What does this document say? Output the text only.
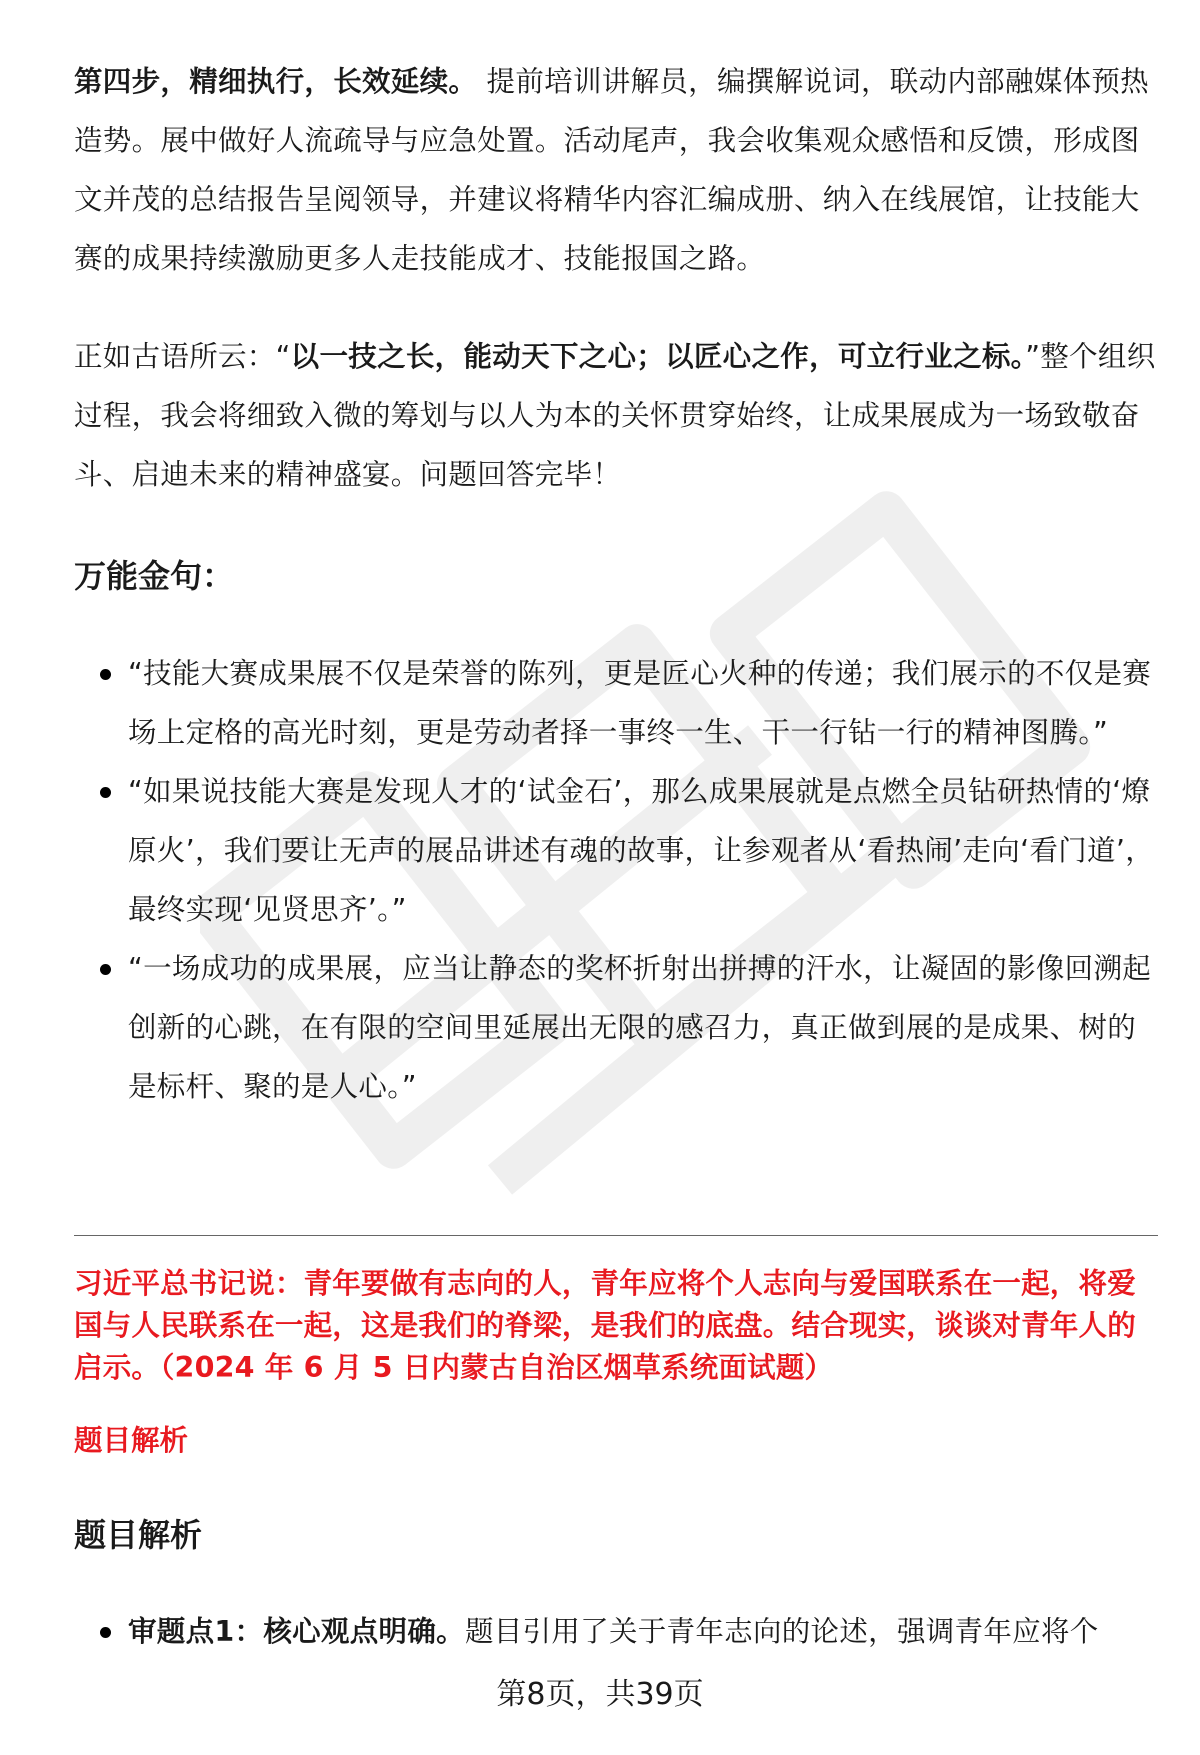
第四步，精细执行，长效延续。 提前培训讲解员，编撰解说词，联动内部融媒体预热造势。展中做好人流疏导与应急处置。活动尾声，我会收集观众感悟和反馈，形成图文并茂的总结报告呈阅领导，并建议将精华内容汇编成册、纳入在线展馆，让技能大赛的成果持续激励更多人走技能成才、技能报国之路。

正如古语所云：“以一技之长，能动天下之心；以匠心之作，可立行业之标。”整个组织过程，我会将细致入微的筹划与以人为本的关怀贯穿始终，让成果展成为一场致敬奋斗、启迪未来的精神盛宴。问题回答完毕！

万能金句：
“技能大赛成果展不仅是荣誉的陈列，更是匠心火种的传递；我们展示的不仅是赛场上定格的高光时刻，更是劳动者择一事终一生、干一行钻一行的精神图腾。”
“如果说技能大赛是发现人才的‘试金石’，那么成果展就是点燃全员钻研热情的‘燎原火’，我们要让无声的展品讲述有魂的故事，让参观者从‘看热闹’走向‘看门道’，最终实现‘见贤思齐’。”
“一场成功的成果展，应当让静态的奖杯折射出拼搏的汗水，让凝固的影像回溯起创新的心跳，在有限的空间里延展出无限的感召力，真正做到展的是成果、树的是标杆、聚的是人心。”

习近平总书记说：青年要做有志向的人，青年应将个人志向与爱国联系在一起，将爱国与人民联系在一起，这是我们的脊梁，是我们的底盘。结合现实，谈谈对青年人的启示。（2024 年 6 月 5 日内蒙古自治区烟草系统面试题）

题目解析

题目解析
审题点1：核心观点明确。题目引用了关于青年志向的论述，强调青年应将个
第8页，共39页
